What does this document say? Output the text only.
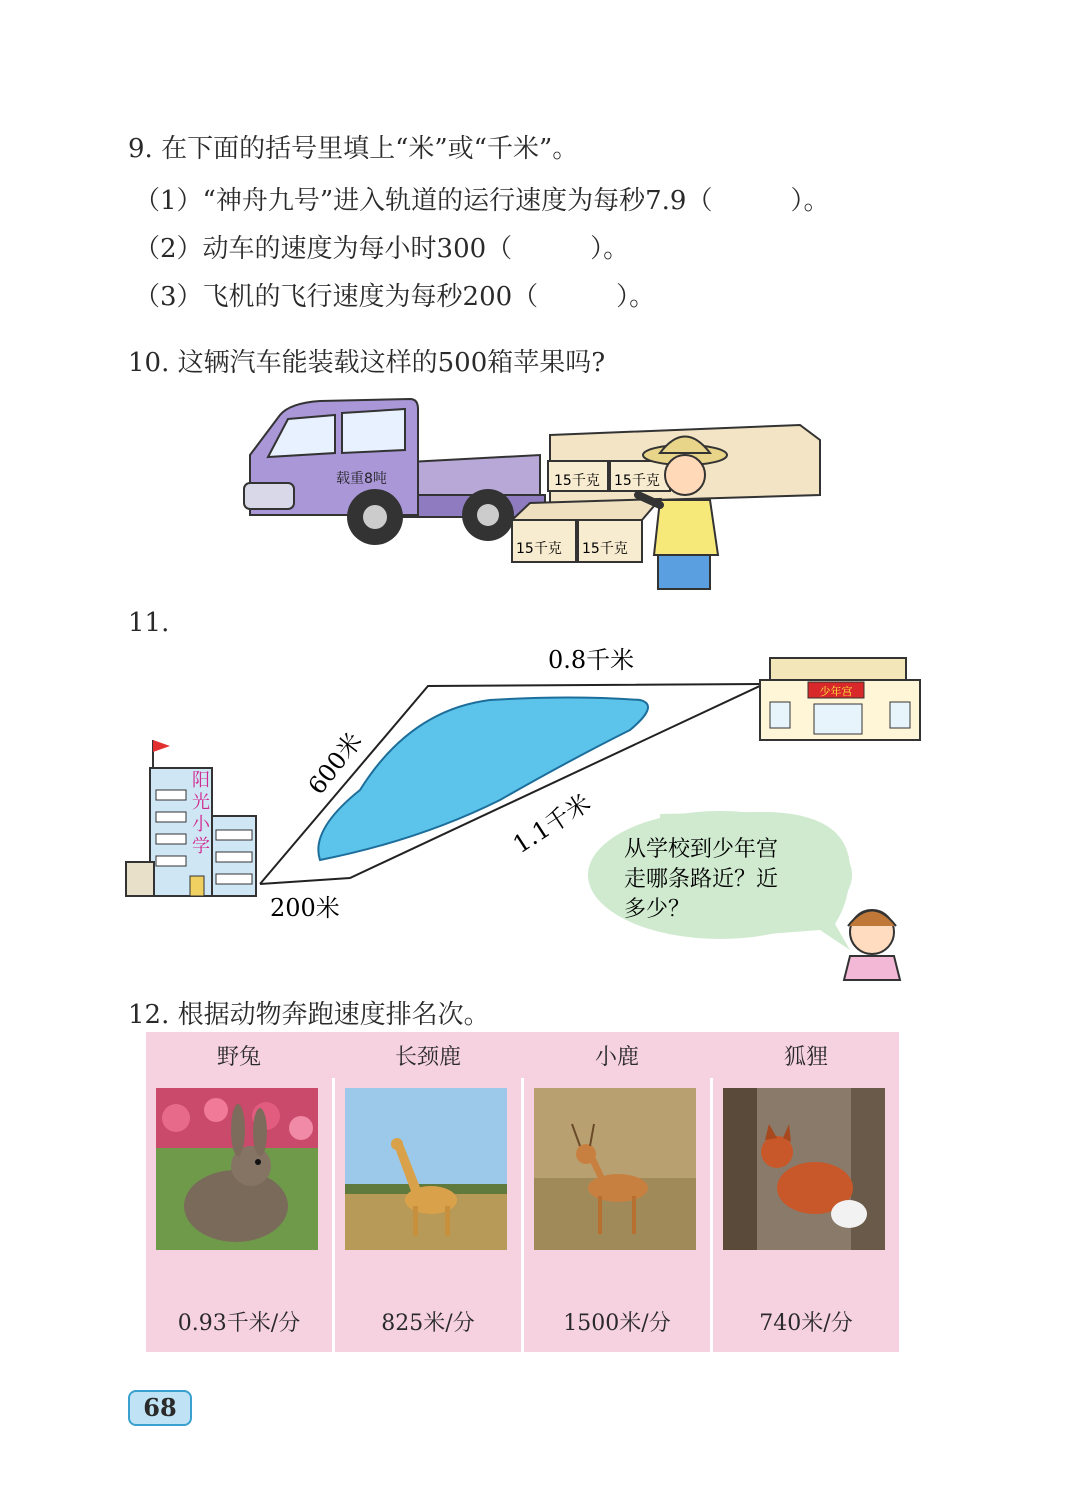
9. 在下面的括号里填上“米”或“千米”。
（1）“神舟九号”进入轨道的运行速度为每秒7.9（　　　）。
（2）动车的速度为每小时300（　　　）。
（3）飞机的飞行速度为每秒200（　　　）。
10. 这辆汽车能装载这样的500箱苹果吗?
载重8吨	15千克 15千克
15千克 15千克
11.
阳
光
小
学
少年宫
0.8千米
600米
1.1千米
200米
从学校到少年宫
走哪条路近？近
多少？
12. 根据动物奔跑速度排名次。
野兔	长颈鹿	小鹿	狐狸
0.93千米/分	825米/分	1500米/分	740米/分
68
